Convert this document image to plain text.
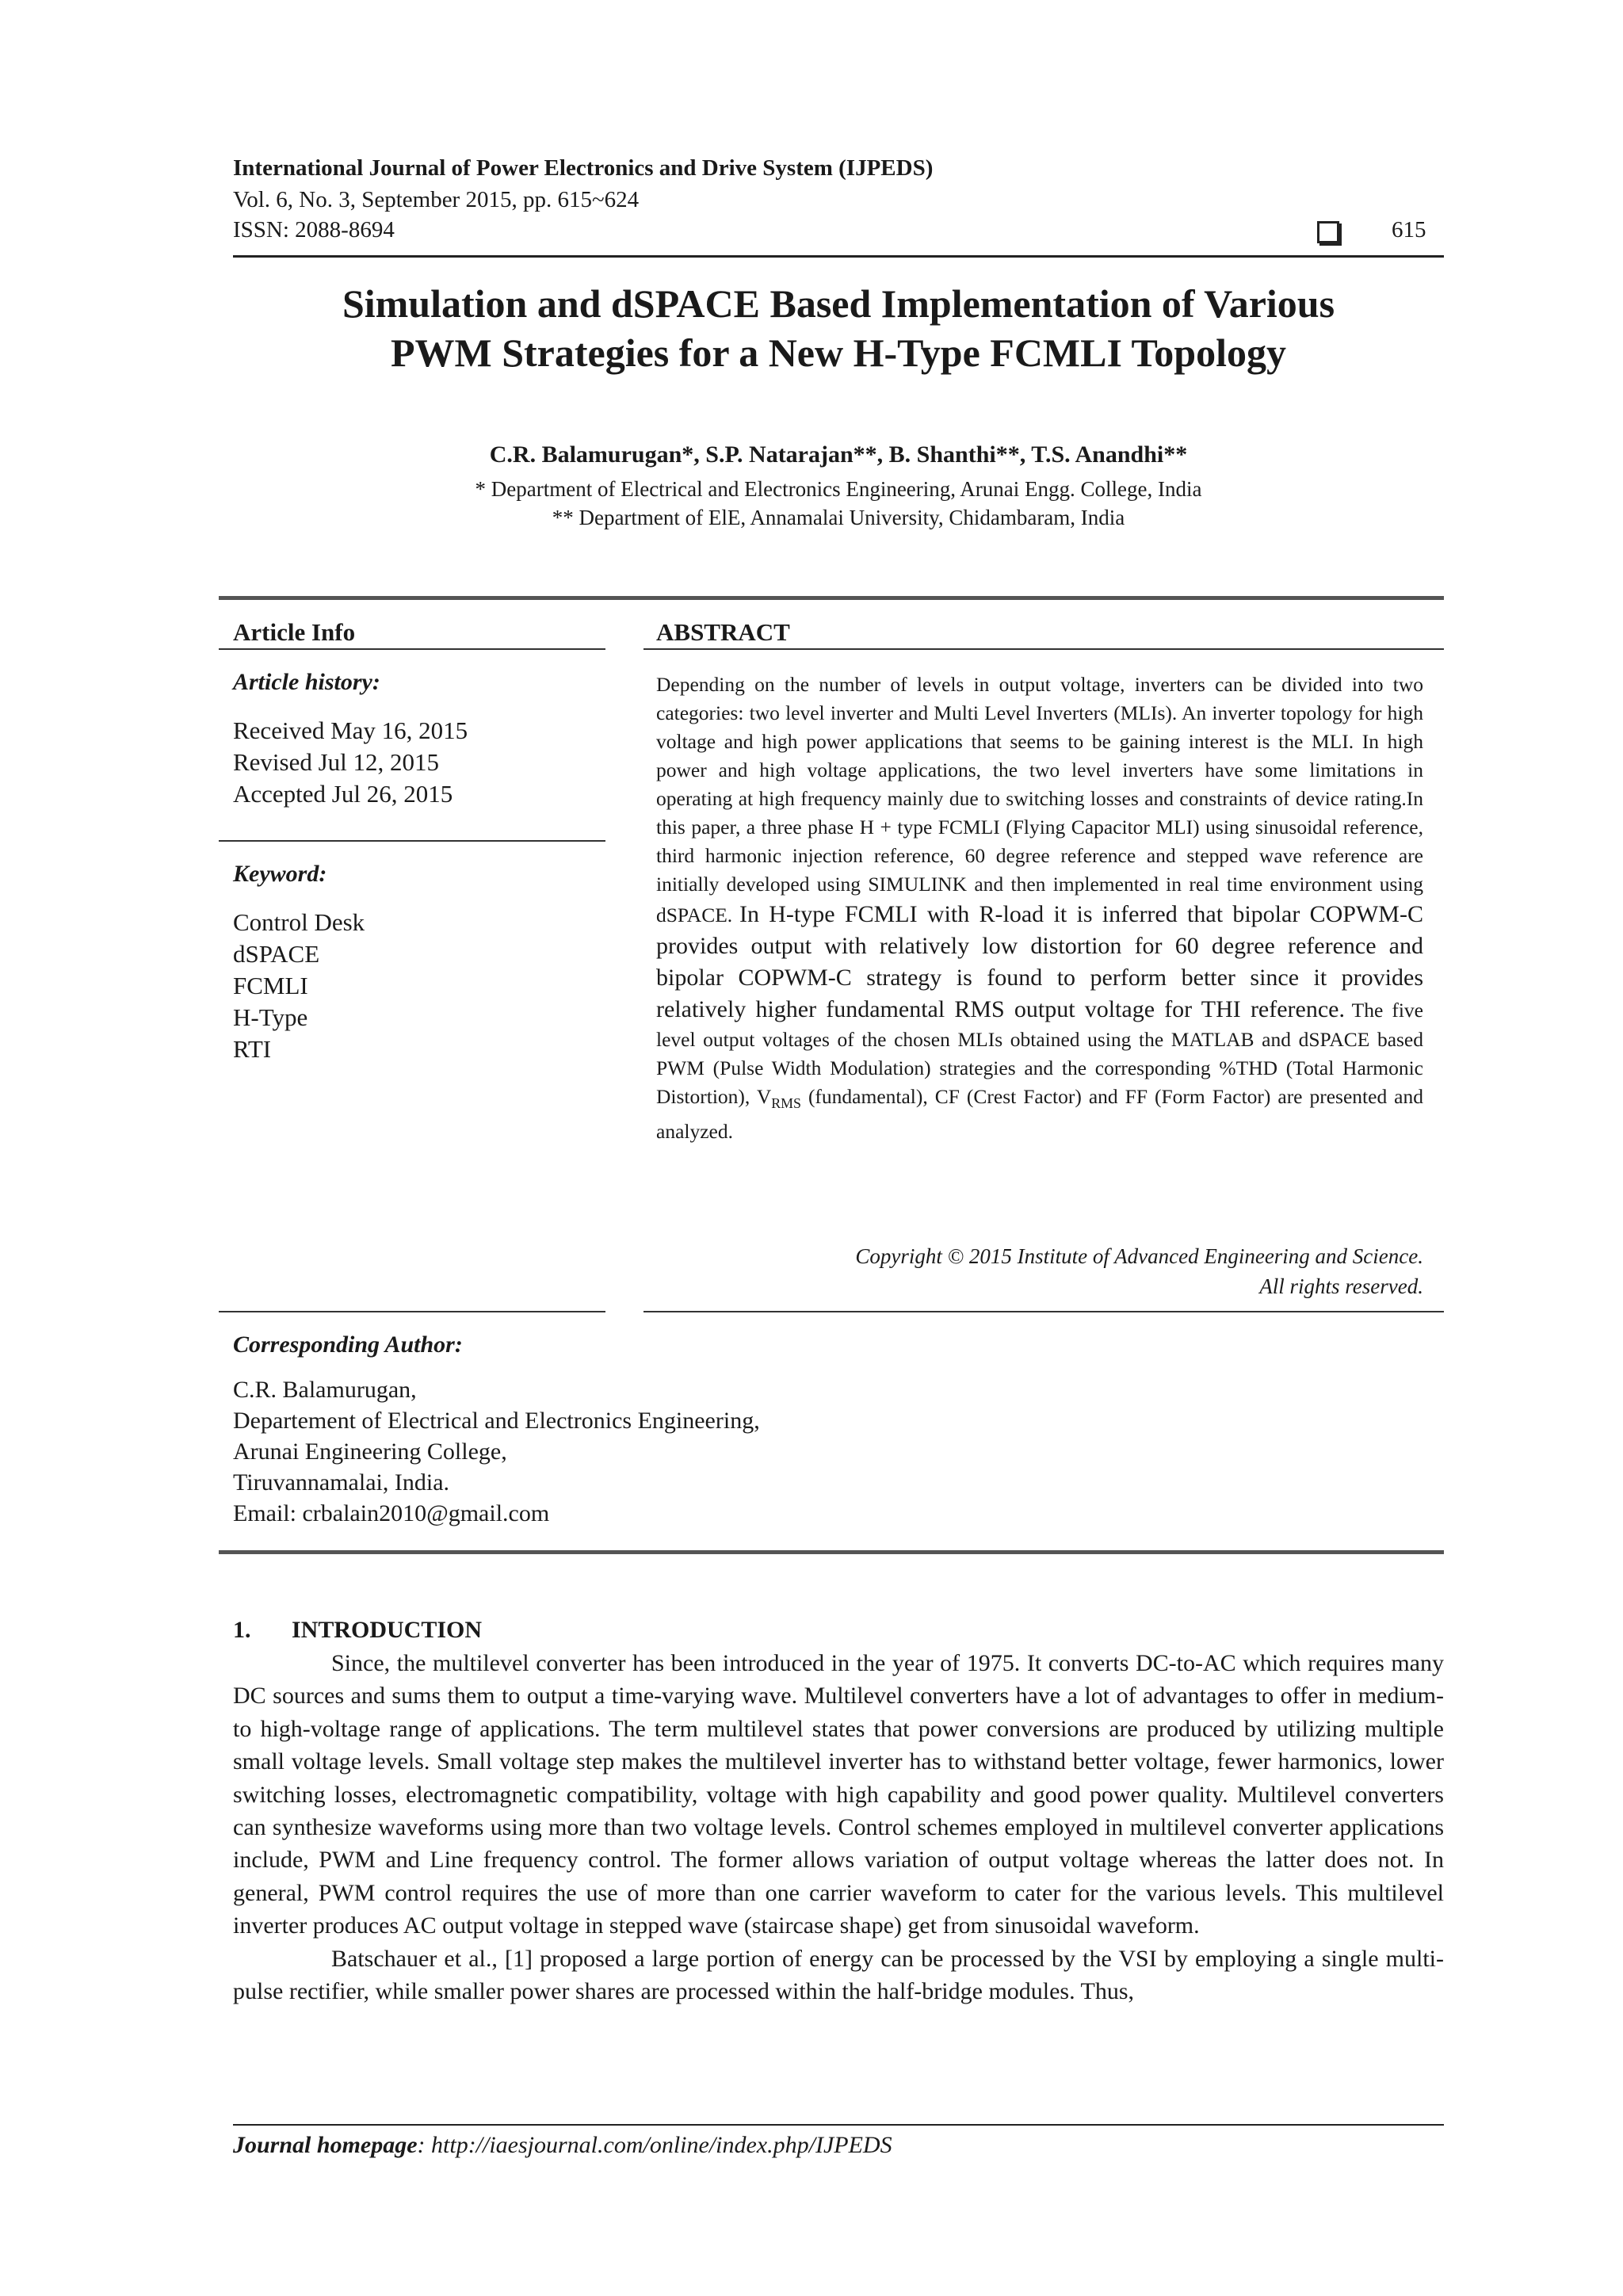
International Journal of Power Electronics and Drive System (IJPEDS)
Vol. 6, No. 3, September 2015, pp. 615~624
ISSN: 2088-8694	615
Simulation and dSPACE Based Implementation of Various
PWM Strategies for a New H-Type FCMLI Topology
C.R. Balamurugan*, S.P. Natarajan**, B. Shanthi**, T.S. Anandhi**
* Department of Electrical and Electronics Engineering, Arunai Engg. College, India
** Department of ElE, Annamalai University, Chidambaram, India
Article Info	ABSTRACT
Article history:
Received May 16, 2015
Revised Jul 12, 2015
Accepted Jul 26, 2015
Keyword:
Control Desk
dSPACE
FCMLI
H-Type
RTI
Depending on the number of levels in output voltage, inverters can be divided into two categories: two level inverter and Multi Level Inverters (MLIs). An inverter topology for high voltage and high power applications that seems to be gaining interest is the MLI. In high power and high voltage applications, the two level inverters have some limitations in operating at high frequency mainly due to switching losses and constraints of device rating.In this paper, a three phase H + type FCMLI (Flying Capacitor MLI) using sinusoidal reference, third harmonic injection reference, 60 degree reference and stepped wave reference are initially developed using SIMULINK and then implemented in real time environment using dSPACE. In H-type FCMLI with R-load it is inferred that bipolar COPWM-C provides output with relatively low distortion for 60 degree reference and bipolar COPWM-C strategy is found to perform better since it provides relatively higher fundamental RMS output voltage for THI reference. The five level output voltages of the chosen MLIs obtained using the MATLAB and dSPACE based PWM (Pulse Width Modulation) strategies and the corresponding %THD (Total Harmonic Distortion), $V_{RMS}$ (fundamental), CF (Crest Factor) and FF (Form Factor) are presented and analyzed.
Copyright © 2015 Institute of Advanced Engineering and Science.
All rights reserved.
Corresponding Author:
C.R. Balamurugan,
Departement of Electrical and Electronics Engineering,
Arunai Engineering College,
Tiruvannamalai, India.
Email: crbalain2010@gmail.com
1. INTRODUCTION

Since, the multilevel converter has been introduced in the year of 1975. It converts DC-to-AC which requires many DC sources and sums them to output a time-varying wave. Multilevel converters have a lot of advantages to offer in medium- to high-voltage range of applications. The term multilevel states that power conversions are produced by utilizing multiple small voltage levels. Small voltage step makes the multilevel inverter has to withstand better voltage, fewer harmonics, lower switching losses, electromagnetic compatibility, voltage with high capability and good power quality. Multilevel converters can synthesize waveforms using more than two voltage levels. Control schemes employed in multilevel converter applications include, PWM and Line frequency control. The former allows variation of output voltage whereas the latter does not. In general, PWM control requires the use of more than one carrier waveform to cater for the various levels. This multilevel inverter produces AC output voltage in stepped wave (staircase shape) get from sinusoidal waveform.

Batschauer et al., [1] proposed a large portion of energy can be processed by the VSI by employing a single multi-pulse rectifier, while smaller power shares are processed within the half-bridge modules. Thus,

Journal homepage: http://iaesjournal.com/online/index.php/IJPEDS
